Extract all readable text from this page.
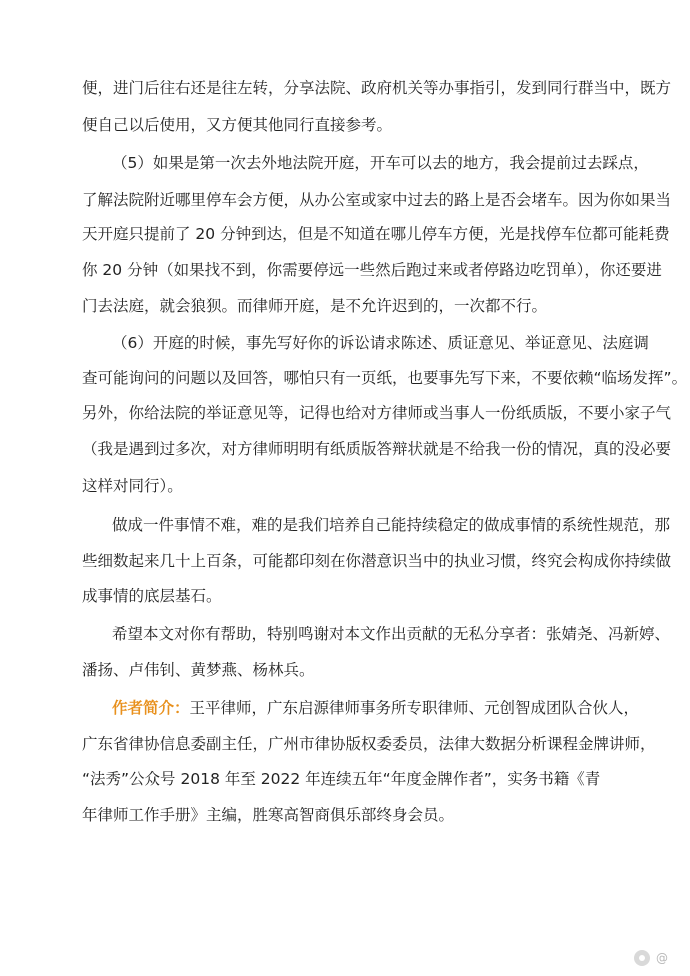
便，进门后往右还是往左转，分享法院、政府机关等办事指引，发到同行群当中，既方

便自己以后使用，又方便其他同行直接参考。

（5）如果是第一次去外地法院开庭，开车可以去的地方，我会提前过去踩点，

了解法院附近哪里停车会方便，从办公室或家中过去的路上是否会堵车。因为你如果当

天开庭只提前了 20 分钟到达，但是不知道在哪儿停车方便，光是找停车位都可能耗费

你 20 分钟（如果找不到，你需要停远一些然后跑过来或者停路边吃罚单），你还要进

门去法庭，就会狼狈。而律师开庭，是不允许迟到的，一次都不行。

（6）开庭的时候，事先写好你的诉讼请求陈述、质证意见、举证意见、法庭调

查可能询问的问题以及回答，哪怕只有一页纸，也要事先写下来，不要依赖“临场发挥”。

另外，你给法院的举证意见等，记得也给对方律师或当事人一份纸质版，不要小家子气

（我是遇到过多次，对方律师明明有纸质版答辩状就是不给我一份的情况，真的没必要

这样对同行）。

做成一件事情不难，难的是我们培养自己能持续稳定的做成事情的系统性规范，那

些细数起来几十上百条，可能都印刻在你潜意识当中的执业习惯，终究会构成你持续做

成事情的底层基石。

希望本文对你有帮助，特别鸣谢对本文作出贡献的无私分享者：张婧尧、冯新婷、

潘扬、卢伟钊、黄梦燕、杨林兵。

作者简介：王平律师，广东启源律师事务所专职律师、元创智成团队合伙人，

广东省律协信息委副主任，广州市律协版权委委员，法律大数据分析课程金牌讲师，

“法秀”公众号 2018 年至 2022 年连续五年“年度金牌作者”，实务书籍《青

年律师工作手册》主编，胜寒高智商俱乐部终身会员。

@
